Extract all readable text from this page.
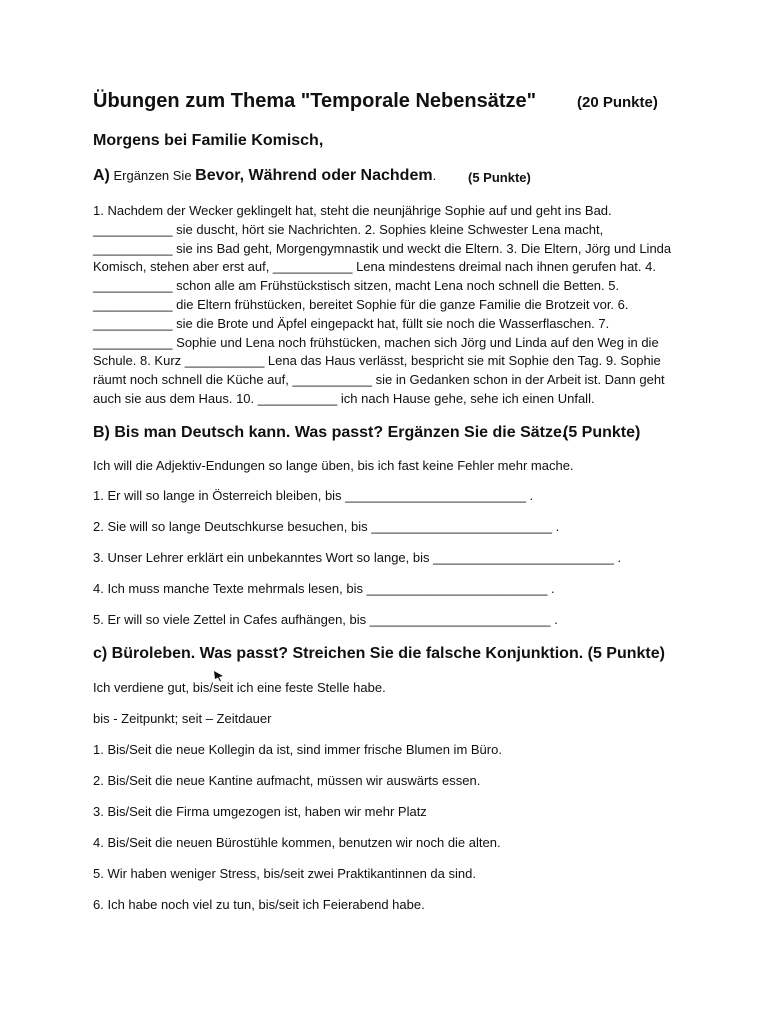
Übungen zum Thema "Temporale Nebensätze"	(20 Punkte)
Morgens bei Familie Komisch,
A) Ergänzen Sie Bevor, Während oder Nachdem. (5 Punkte)
1. Nachdem der Wecker geklingelt hat, steht die neunjährige Sophie auf und geht ins Bad.
___________ sie duscht, hört sie Nachrichten. 2. Sophies kleine Schwester Lena macht,
___________ sie ins Bad geht, Morgengymnastik und weckt die Eltern. 3. Die Eltern, Jörg und Linda
Komisch, stehen aber erst auf, ___________ Lena mindestens dreimal nach ihnen gerufen hat. 4.
___________ schon alle am Frühstückstisch sitzen, macht Lena noch schnell die Betten. 5.
___________ die Eltern frühstücken, bereitet Sophie für die ganze Familie die Brotzeit vor. 6.
___________ sie die Brote und Äpfel eingepackt hat, füllt sie noch die Wasserflaschen. 7.
___________ Sophie und Lena noch frühstücken, machen sich Jörg und Linda auf den Weg in die
Schule. 8. Kurz ___________ Lena das Haus verlässt, bespricht sie mit Sophie den Tag. 9. Sophie
räumt noch schnell die Küche auf, ___________ sie in Gedanken schon in der Arbeit ist. Dann geht
auch sie aus dem Haus. 10. ___________ ich nach Hause gehe, sehe ich einen Unfall.
B) Bis man Deutsch kann. Was passt? Ergänzen Sie die Sätze.
(5 Punkte)
Ich will die Adjektiv-Endungen so lange üben, bis ich fast keine Fehler mehr mache.
1. Er will so lange in Österreich bleiben, bis _________________________ .
2. Sie will so lange Deutschkurse besuchen, bis _________________________ .
3. Unser Lehrer erklärt ein unbekanntes Wort so lange, bis _________________________ .
4. Ich muss manche Texte mehrmals lesen, bis _________________________ .
5. Er will so viele Zettel in Cafes aufhängen, bis _________________________ .
c) Büroleben. Was passt? Streichen Sie die falsche Konjunktion. (5 Punkte)
Ich verdiene gut, bis/seit ich eine feste Stelle habe.
bis - Zeitpunkt; seit – Zeitdauer
1. Bis/Seit die neue Kollegin da ist, sind immer frische Blumen im Büro.
2. Bis/Seit die neue Kantine aufmacht, müssen wir auswärts essen.
3. Bis/Seit die Firma umgezogen ist, haben wir mehr Platz
4. Bis/Seit die neuen Bürostühle kommen, benutzen wir noch die alten.
5. Wir haben weniger Stress, bis/seit zwei Praktikantinnen da sind.
6. Ich habe noch viel zu tun, bis/seit ich Feierabend habe.
